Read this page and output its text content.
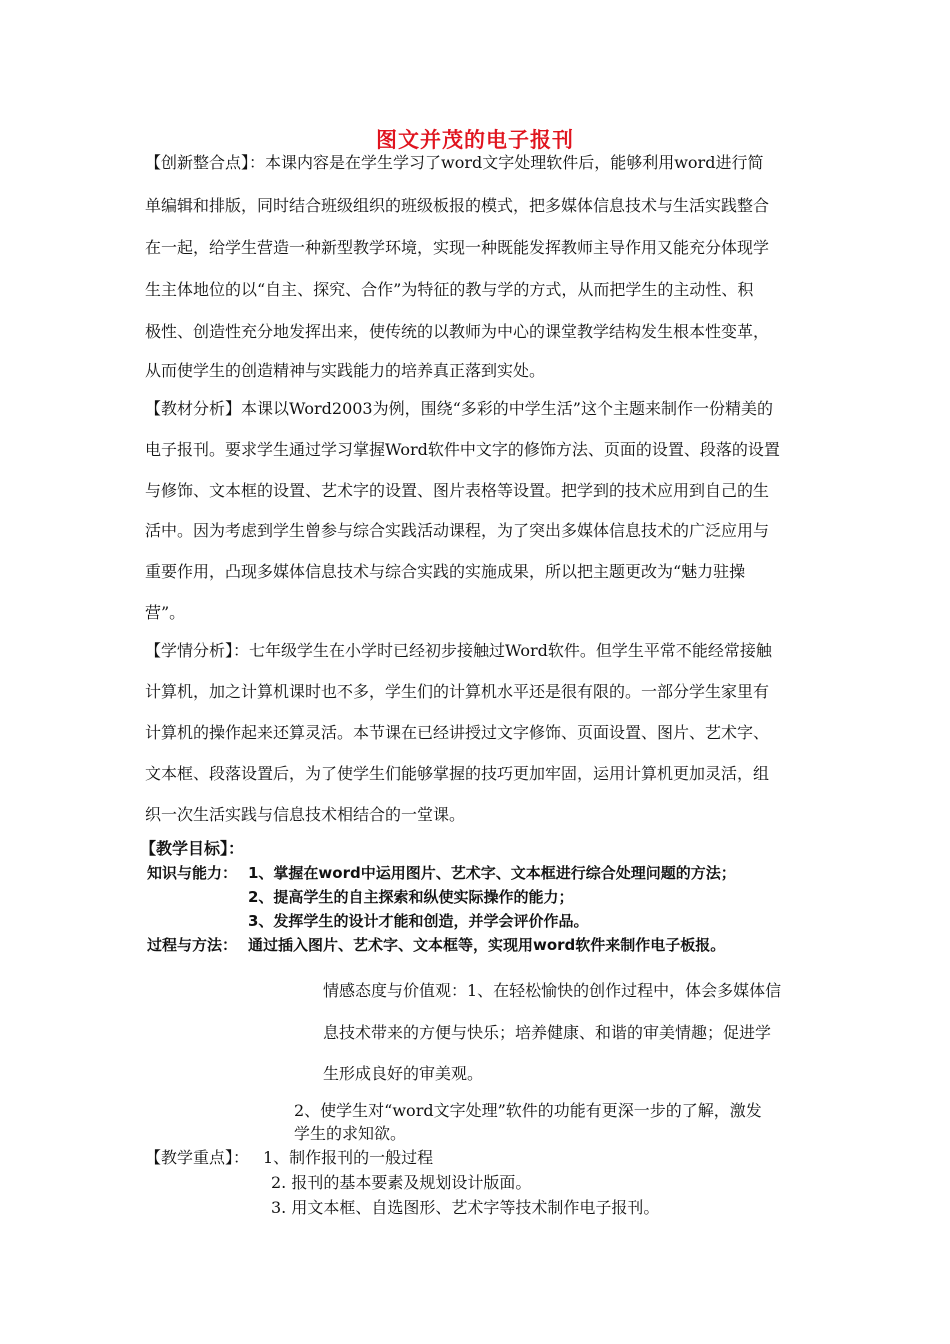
图文并茂的电子报刊
【创新整合点】：本课内容是在学生学习了word文字处理软件后，能够利用word进行简
单编辑和排版，同时结合班级组织的班级板报的模式，把多媒体信息技术与生活实践整合
在一起，给学生营造一种新型教学环境，实现一种既能发挥教师主导作用又能充分体现学
生主体地位的以“自主、探究、合作”为特征的教与学的方式，从而把学生的主动性、积
极性、创造性充分地发挥出来，使传统的以教师为中心的课堂教学结构发生根本性变革，
从而使学生的创造精神与实践能力的培养真正落到实处。
【教材分析】本课以Word2003为例，围绕“多彩的中学生活”这个主题来制作一份精美的
电子报刊。要求学生通过学习掌握Word软件中文字的修饰方法、页面的设置、段落的设置
与修饰、文本框的设置、艺术字的设置、图片表格等设置。把学到的技术应用到自己的生
活中。因为考虑到学生曾参与综合实践活动课程，为了突出多媒体信息技术的广泛应用与
重要作用，凸现多媒体信息技术与综合实践的实施成果，所以把主题更改为“魅力驻操
营”。
【学情分析】：七年级学生在小学时已经初步接触过Word软件。但学生平常不能经常接触
计算机，加之计算机课时也不多，学生们的计算机水平还是很有限的。一部分学生家里有
计算机的操作起来还算灵活。本节课在已经讲授过文字修饰、页面设置、图片、艺术字、
文本框、段落设置后，为了使学生们能够掌握的技巧更加牢固，运用计算机更加灵活，组
织一次生活实践与信息技术相结合的一堂课。
【教学目标】：
知识与能力： 1、掌握在word中运用图片、艺术字、文本框进行综合处理问题的方法；
2、提高学生的自主探索和纵使实际操作的能力；
3、发挥学生的设计才能和创造，并学会评价作品。
过程与方法： 通过插入图片、艺术字、文本框等，实现用word软件来制作电子板报。
情感态度与价值观：1、在轻松愉快的创作过程中，体会多媒体信
息技术带来的方便与快乐；培养健康、和谐的审美情趣；促进学
生形成良好的审美观。
2、使学生对“word文字处理”软件的功能有更深一步的了解，激发
学生的求知欲。
【教学重点】： 1、制作报刊的一般过程
2. 报刊的基本要素及规划设计版面。
3. 用文本框、自选图形、艺术字等技术制作电子报刊。
